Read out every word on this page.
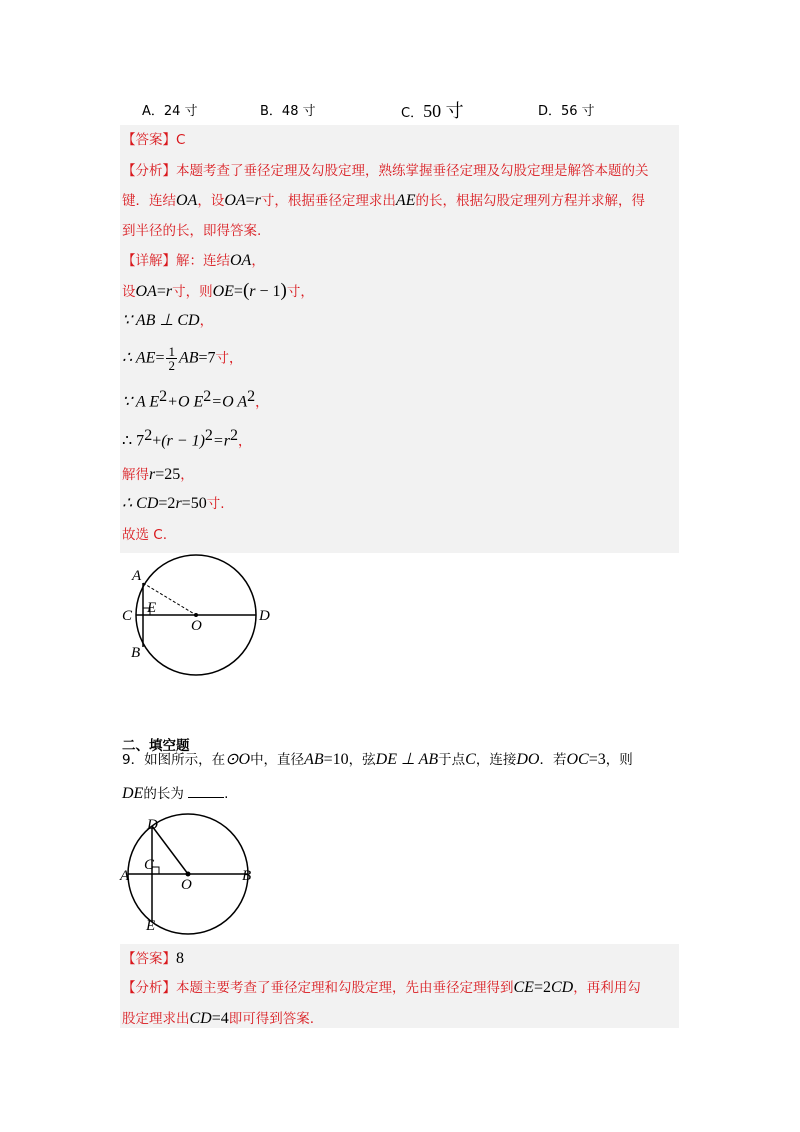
A．24 寸	B．48 寸	C．50 寸	D．56 寸
【答案】C
【分析】本题考查了垂径定理及勾股定理，熟练掌握垂径定理及勾股定理是解答本题的关
键．连结OA，设OA=r寸，根据垂径定理求出AE的长，根据勾股定理列方程并求解，得
到半径的长，即得答案.
【详解】解：连结OA，
设OA=r寸，则OE=(r − 1)寸，
∵ AB ⊥ CD，
∴ $AE= \frac{1}{2} AB=7$寸，
∵ A $E^2+O$ $E^2=O$ $A^2$，
∴ $7^2+(r - 1)^2=r^2$，
解得r=25，
∴ CD=2r=50寸.
故选 C.
A
C E
O
D
B
二、填空题
9．如图所示，在⊙O中，直径AB=10，弦DE ⊥ AB于点C，连接DO．若OC=3，则
DE的长为	.
D
C
A
O
B
E
【答案】8
【分析】本题主要考查了垂径定理和勾股定理，先由垂径定理得到CE=2CD，再利用勾
股定理求出CD=4即可得到答案.
